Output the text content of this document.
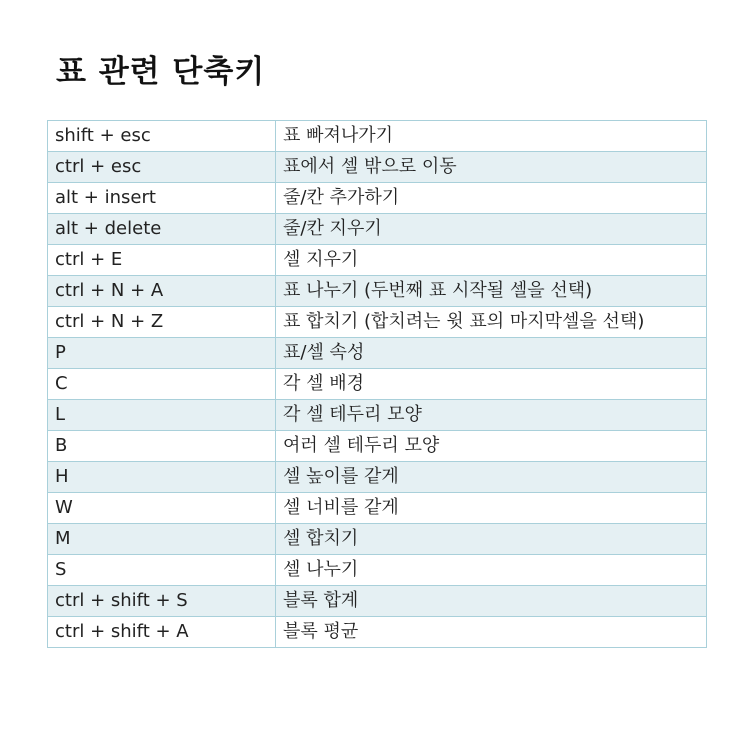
표 관련 단축키
shift + esc	표 빠져나가기
ctrl + esc	표에서 셀 밖으로 이동
alt + insert	줄/칸 추가하기
alt + delete	줄/칸 지우기
ctrl + E	셀 지우기
ctrl + N + A	표 나누기 (두번째 표 시작될 셀을 선택)
ctrl + N + Z	표 합치기 (합치려는 윗 표의 마지막셀을 선택)
P	표/셀 속성
C	각 셀 배경
L	각 셀 테두리 모양
B	여러 셀 테두리 모양
H	셀 높이를 같게
W	셀 너비를 같게
M	셀 합치기
S	셀 나누기
ctrl + shift + S	블록 합계
ctrl + shift + A	블록 평균
